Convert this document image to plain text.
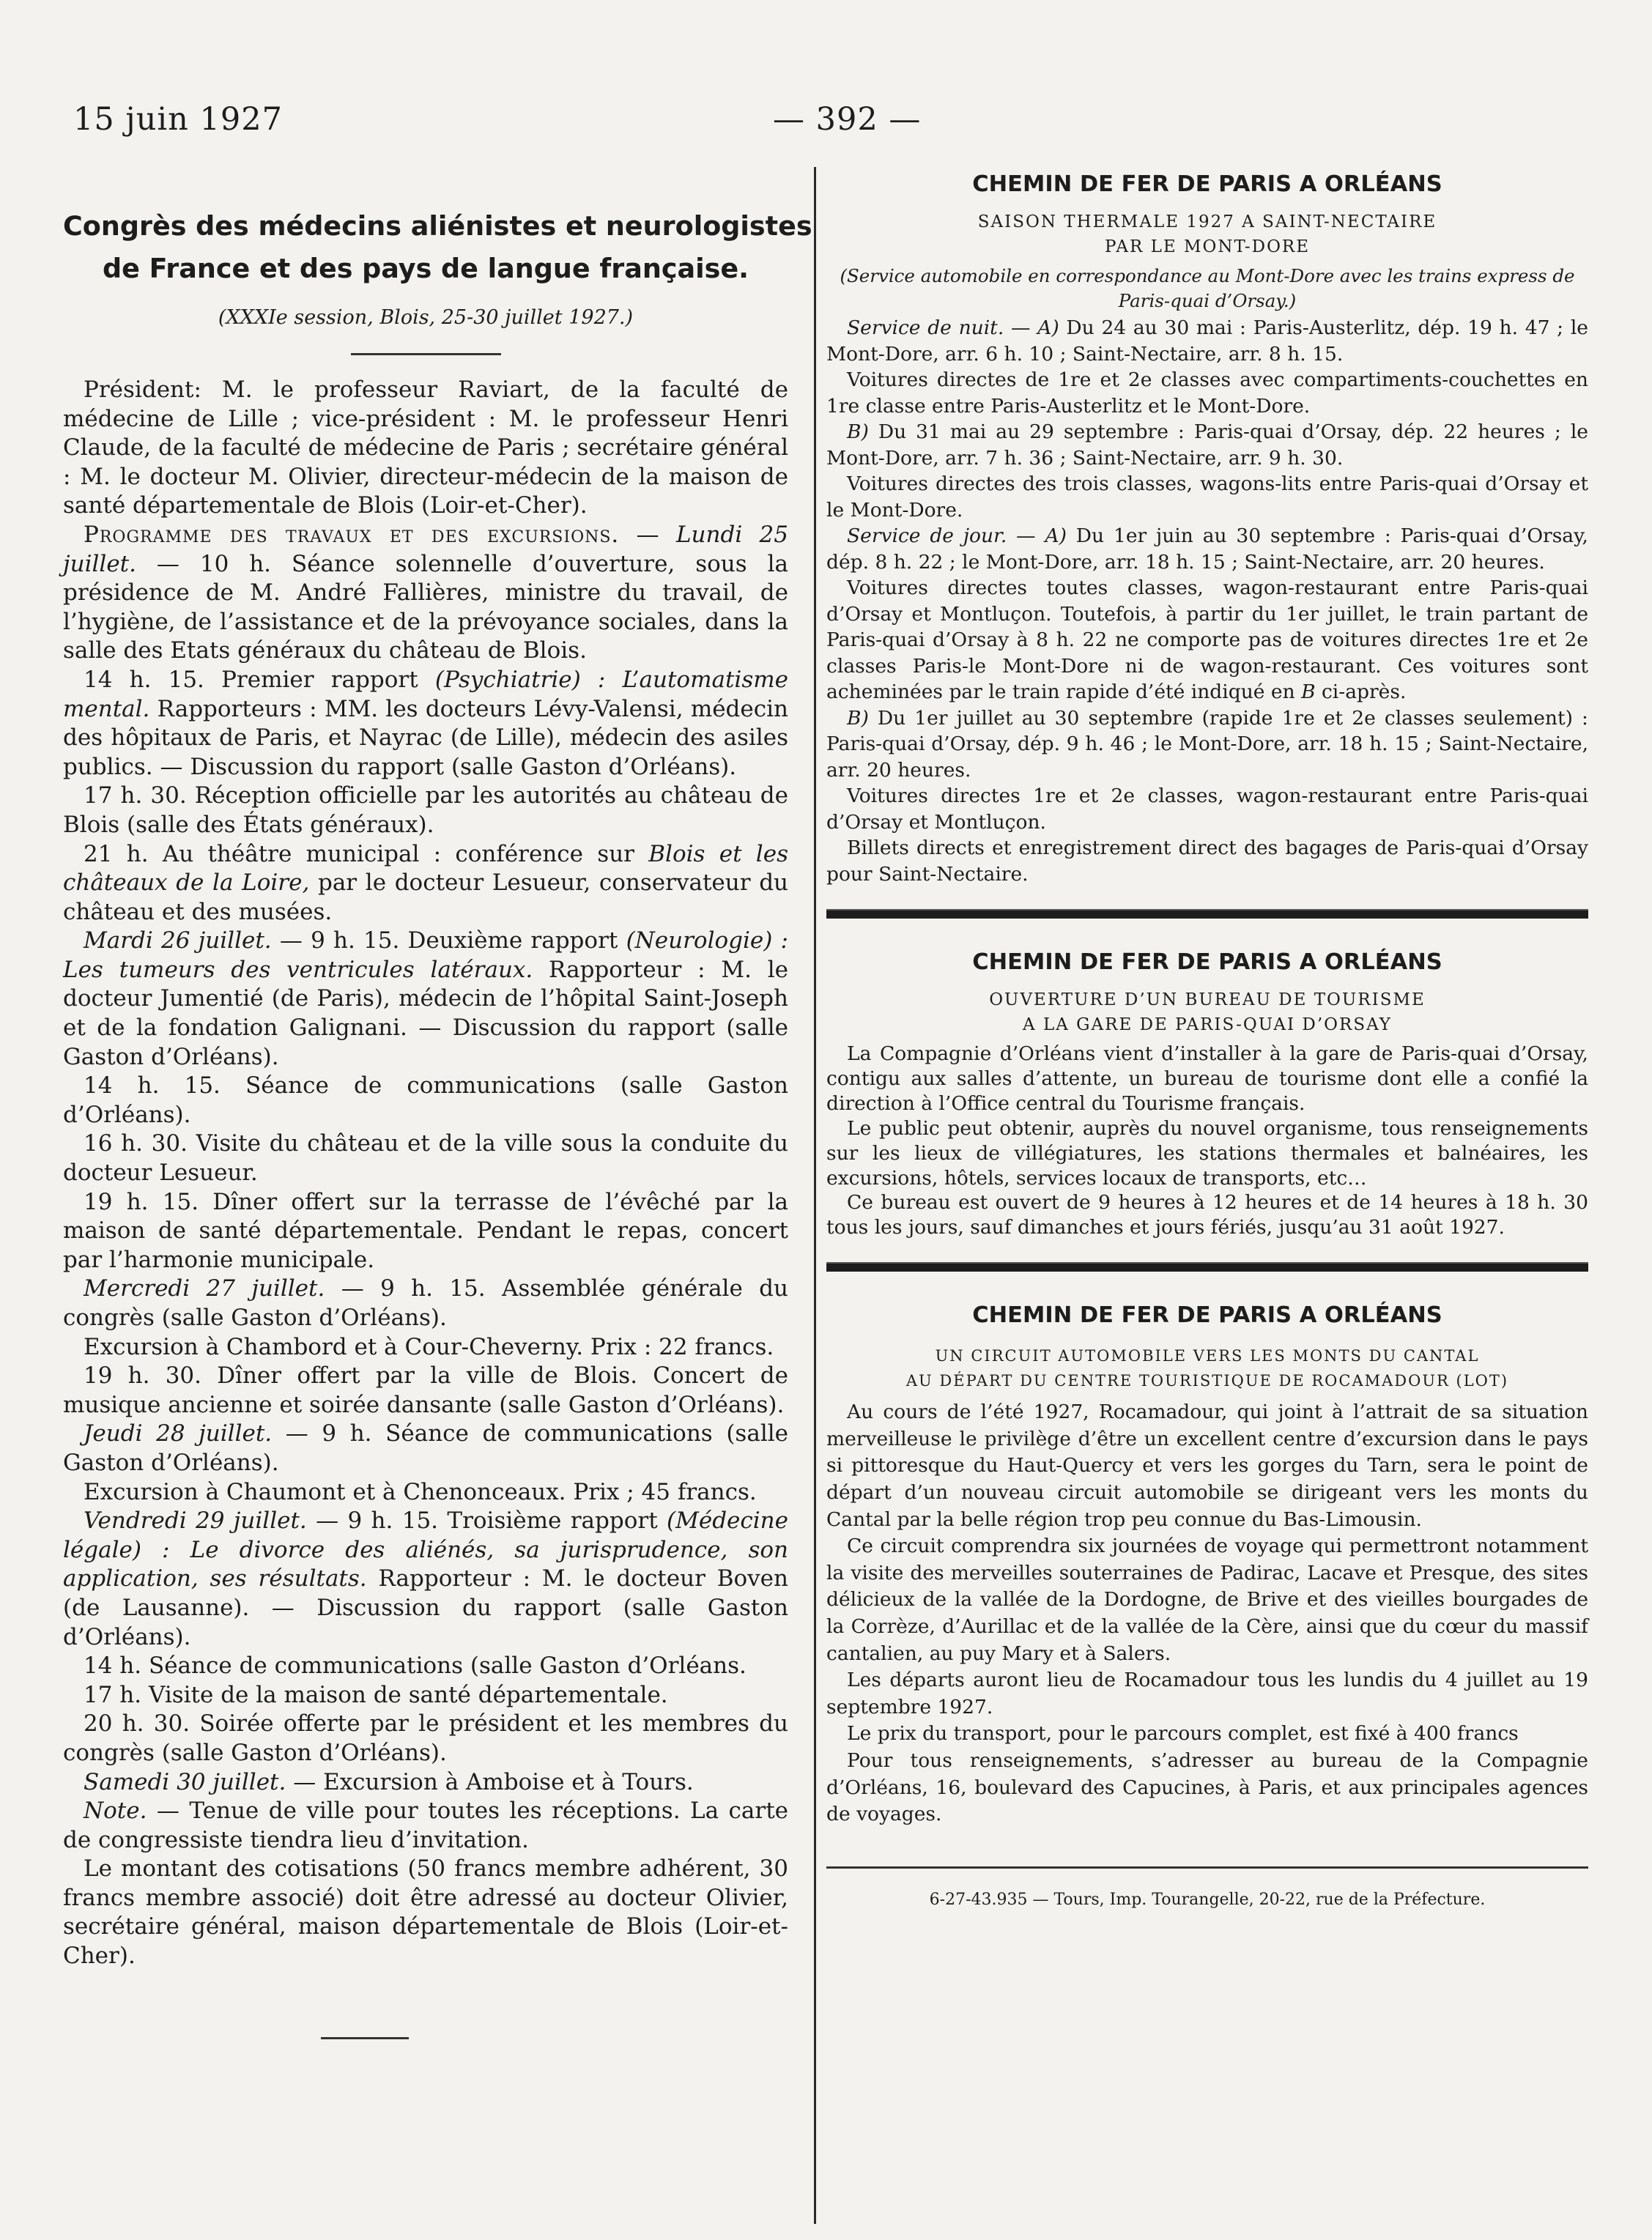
15 juin 1927	— 392 —
Congrès des médecins aliénistes et neurologistes
de France et des pays de langue française.

(XXXIe session, Blois, 25-30 juillet 1927.)

Président: M. le professeur Raviart, de la faculté de médecine de Lille ; vice-président : M. le professeur Henri Claude, de la faculté de médecine de Paris ; secrétaire général : M. le docteur M. Olivier, directeur-médecin de la maison de santé départementale de Blois (Loir-et-Cher).

Programme des travaux et des excursions. — Lundi 25 juillet. — 10 h. Séance solennelle d’ouverture, sous la présidence de M. André Fallières, ministre du travail, de l’hygiène, de l’assistance et de la prévoyance sociales, dans la salle des Etats généraux du château de Blois.

14 h. 15. Premier rapport (Psychiatrie) : L’automatisme mental. Rapporteurs : MM. les docteurs Lévy-Valensi, médecin des hôpitaux de Paris, et Nayrac (de Lille), médecin des asiles publics. — Discussion du rapport (salle Gaston d’Orléans).

17 h. 30. Réception officielle par les autorités au château de Blois (salle des États généraux).

21 h. Au théâtre municipal : conférence sur Blois et les châteaux de la Loire, par le docteur Lesueur, conservateur du château et des musées.

Mardi 26 juillet. — 9 h. 15. Deuxième rapport (Neurologie) : Les tumeurs des ventricules latéraux. Rapporteur : M. le docteur Jumentié (de Paris), médecin de l’hôpital Saint-Joseph et de la fondation Galignani. — Discussion du rapport (salle Gaston d’Orléans).

14 h. 15. Séance de communications (salle Gaston d’Orléans).

16 h. 30. Visite du château et de la ville sous la conduite du docteur Lesueur.

19 h. 15. Dîner offert sur la terrasse de l’évêché par la maison de santé départementale. Pendant le repas, concert par l’harmonie municipale.

Mercredi 27 juillet. — 9 h. 15. Assemblée générale du congrès (salle Gaston d’Orléans).

Excursion à Chambord et à Cour-Cheverny. Prix : 22 francs.

19 h. 30. Dîner offert par la ville de Blois. Concert de musique ancienne et soirée dansante (salle Gaston d’Orléans).

Jeudi 28 juillet. — 9 h. Séance de communications (salle Gaston d’Orléans).

Excursion à Chaumont et à Chenonceaux. Prix ; 45 francs.

Vendredi 29 juillet. — 9 h. 15. Troisième rapport (Médecine légale) : Le divorce des aliénés, sa jurisprudence, son application, ses résultats. Rapporteur : M. le docteur Boven (de Lausanne). — Discussion du rapport (salle Gaston d’Orléans).

14 h. Séance de communications (salle Gaston d’Orléans.

17 h. Visite de la maison de santé départementale.

20 h. 30. Soirée offerte par le président et les membres du congrès (salle Gaston d’Orléans).

Samedi 30 juillet. — Excursion à Amboise et à Tours.

Note. — Tenue de ville pour toutes les réceptions. La carte de congressiste tiendra lieu d’invitation.

Le montant des cotisations (50 francs membre adhérent, 30 francs membre associé) doit être adressé au docteur Olivier, secrétaire général, maison départementale de Blois (Loir-et-Cher).

CHEMIN DE FER DE PARIS A ORLÉANS

SAISON THERMALE 1927 A SAINT-NECTAIRE

PAR LE MONT-DORE

(Service automobile en correspondance au Mont-Dore avec les trains express de Paris-quai d’Orsay.)

Service de nuit. — A) Du 24 au 30 mai : Paris-Austerlitz, dép. 19 h. 47 ; le Mont-Dore, arr. 6 h. 10 ; Saint-Nectaire, arr. 8 h. 15.

Voitures directes de 1re et 2e classes avec compartiments-couchettes en 1re classe entre Paris-Austerlitz et le Mont-Dore.

B) Du 31 mai au 29 septembre : Paris-quai d’Orsay, dép. 22 heures ; le Mont-Dore, arr. 7 h. 36 ; Saint-Nectaire, arr. 9 h. 30.

Voitures directes des trois classes, wagons-lits entre Paris-quai d’Orsay et le Mont-Dore.

Service de jour. — A) Du 1er juin au 30 septembre : Paris-quai d’Orsay, dép. 8 h. 22 ; le Mont-Dore, arr. 18 h. 15 ; Saint-Nectaire, arr. 20 heures.

Voitures directes toutes classes, wagon-restaurant entre Paris-quai d’Orsay et Montluçon. Toutefois, à partir du 1er juillet, le train partant de Paris-quai d’Orsay à 8 h. 22 ne comporte pas de voitures directes 1re et 2e classes Paris-le Mont-Dore ni de wagon-restaurant. Ces voitures sont acheminées par le train rapide d’été indiqué en B ci-après.

B) Du 1er juillet au 30 septembre (rapide 1re et 2e classes seulement) : Paris-quai d’Orsay, dép. 9 h. 46 ; le Mont-Dore, arr. 18 h. 15 ; Saint-Nectaire, arr. 20 heures.

Voitures directes 1re et 2e classes, wagon-restaurant entre Paris-quai d’Orsay et Montluçon.

Billets directs et enregistrement direct des bagages de Paris-quai d’Orsay pour Saint-Nectaire.

CHEMIN DE FER DE PARIS A ORLÉANS

OUVERTURE D’UN BUREAU DE TOURISME

A LA GARE DE PARIS-QUAI D’ORSAY

La Compagnie d’Orléans vient d’installer à la gare de Paris-quai d’Orsay, contigu aux salles d’attente, un bureau de tourisme dont elle a confié la direction à l’Office central du Tourisme français.

Le public peut obtenir, auprès du nouvel organisme, tous renseignements sur les lieux de villégiatures, les stations thermales et balnéaires, les excursions, hôtels, services locaux de transports, etc…

Ce bureau est ouvert de 9 heures à 12 heures et de 14 heures à 18 h. 30 tous les jours, sauf dimanches et jours fériés, jusqu’au 31 août 1927.

CHEMIN DE FER DE PARIS A ORLÉANS

UN CIRCUIT AUTOMOBILE VERS LES MONTS DU CANTAL

AU DÉPART DU CENTRE TOURISTIQUE DE ROCAMADOUR (LOT)

Au cours de l’été 1927, Rocamadour, qui joint à l’attrait de sa situation merveilleuse le privilège d’être un excellent centre d’excursion dans le pays si pittoresque du Haut-Quercy et vers les gorges du Tarn, sera le point de départ d’un nouveau circuit automobile se dirigeant vers les monts du Cantal par la belle région trop peu connue du Bas-Limousin.

Ce circuit comprendra six journées de voyage qui permettront notamment la visite des merveilles souterraines de Padirac, Lacave et Presque, des sites délicieux de la vallée de la Dordogne, de Brive et des vieilles bourgades de la Corrèze, d’Aurillac et de la vallée de la Cère, ainsi que du cœur du massif cantalien, au puy Mary et à Salers.

Les départs auront lieu de Rocamadour tous les lundis du 4 juillet au 19 septembre 1927.

Le prix du transport, pour le parcours complet, est fixé à 400 francs

Pour tous renseignements, s’adresser au bureau de la Compagnie d’Orléans, 16, boulevard des Capucines, à Paris, et aux principales agences de voyages.

6-27-43.935 — Tours, Imp. Tourangelle, 20-22, rue de la Préfecture.
